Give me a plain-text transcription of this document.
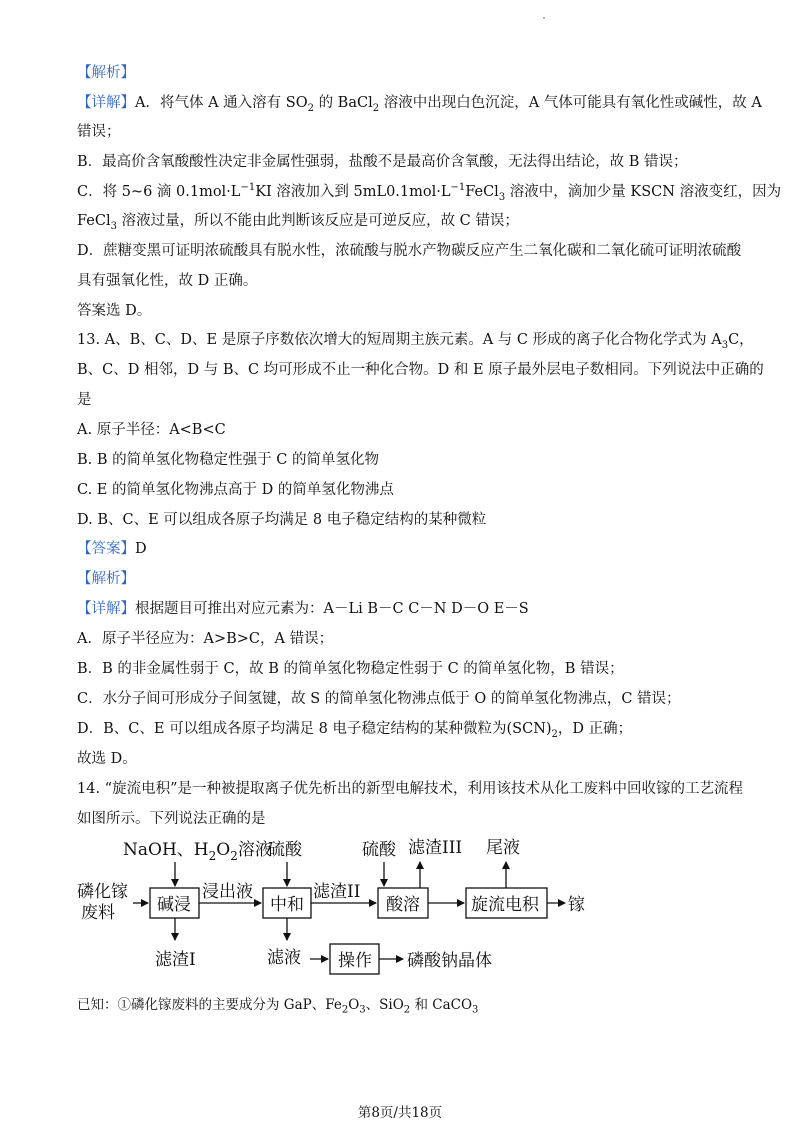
【解析】
【详解】A．将气体 A 通入溶有 $SO_2$ 的 BaCl$_2$ 溶液中出现白色沉淀，A 气体可能具有氧化性或碱性，故 A
错误；
B．最高价含氧酸酸性决定非金属性强弱，盐酸不是最高价含氧酸，无法得出结论，故 B 错误；
C．将 5~6 滴 $0.1mol\cdot L^{-1}KI$ 溶液加入到 $5mL0.1mol\cdot L^{-1}FeCl_3$ 溶液中，滴加少量 KSCN 溶液变红，因为
FeCl$_3$ 溶液过量，所以不能由此判断该反应是可逆反应，故 C 错误；
D．蔗糖变黑可证明浓硫酸具有脱水性，浓硫酸与脱水产物碳反应产生二氧化碳和二氧化硫可证明浓硫酸
具有强氧化性，故 D 正确。
答案选 D。
13. A、B、C、D、E 是原子序数依次增大的短周期主族元素。A 与 C 形成的离子化合物化学式为 $A_3C$，
B、C、D 相邻，D 与 B、C 均可形成不止一种化合物。D 和 E 原子最外层电子数相同。下列说法中正确的
是
A. 原子半径：A<B<C
B. B 的简单氢化物稳定性强于 C 的简单氢化物
C. E 的简单氢化物沸点高于 D 的简单氢化物沸点
D. B、C、E 可以组成各原子均满足 8 电子稳定结构的某种微粒
【答案】D
【解析】
【详解】根据题目可推出对应元素为：A－Li B－C C－N D－O E－S
A．原子半径应为：A>B>C，A 错误；
B．B 的非金属性弱于 C，故 B 的简单氢化物稳定性弱于 C 的简单氢化物，B 错误；
C．水分子间可形成分子间氢键，故 S 的简单氢化物沸点低于 O 的简单氢化物沸点，C 错误；
D．B、C、E 可以组成各原子均满足 8 电子稳定结构的某种微粒为$(SCN)_2$，D 正确；
故选 D。
14. “旋流电积”是一种被提取离子优先析出的新型电解技术，利用该技术从化工废料中回收镓的工艺流程
如图所示。下列说法正确的是
NaOH、$H_2O_2$溶液
硫酸	硫酸 滤渣III 尾液
磷化镓
废料 碱浸
浸出液
中和
滤渣II
酸溶	旋流电积 镓
滤渣I	滤液 操作 磷酸钠晶体
已知：①磷化镓废料的主要成分为 GaP、$Fe_2O_3$、SiO$_2$ 和 CaCO$_3$
第8页/共18页
